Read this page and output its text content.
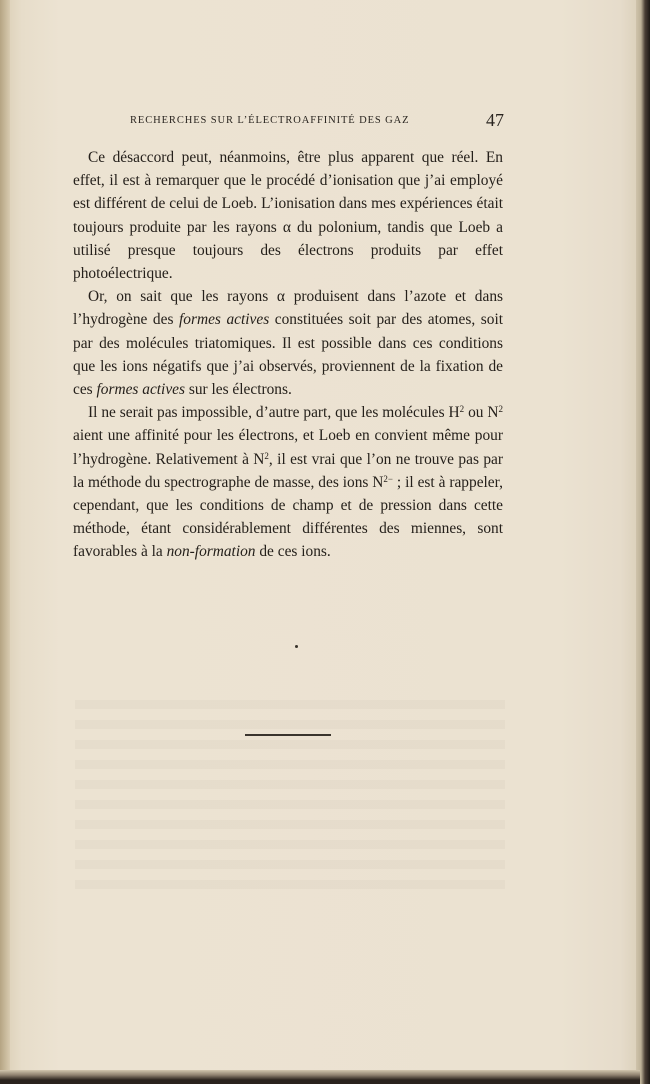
RECHERCHES SUR L’ÉLECTROAFFINITÉ DES GAZ	47

Ce désaccord peut, néanmoins, être plus apparent que réel. En effet, il est à remarquer que le procédé d’ionisation que j’ai employé est différent de celui de Loeb. L’ionisation dans mes expériences était toujours produite par les rayons α du polonium, tandis que Loeb a utilisé presque toujours des électrons produits par effet photoélectrique.

Or, on sait que les rayons α produisent dans l’azote et dans l’hydrogène des formes actives constituées soit par des atomes, soit par des molécules triatomiques. Il est possible dans ces conditions que les ions négatifs que j’ai observés, proviennent de la fixation de ces formes actives sur les électrons.

Il ne serait pas impossible, d’autre part, que les molécules $H^2$ ou $N^2$ aient une affinité pour les électrons, et Loeb en convient même pour l’hydrogène. Relativement à $N^2$, il est vrai que l’on ne trouve pas par la méthode du spectrographe de masse, des ions $N^{2-}$ ; il est à rappeler, cependant, que les conditions de champ et de pression dans cette méthode, étant considérablement différentes des miennes, sont favorables à la non-formation de ces ions.
